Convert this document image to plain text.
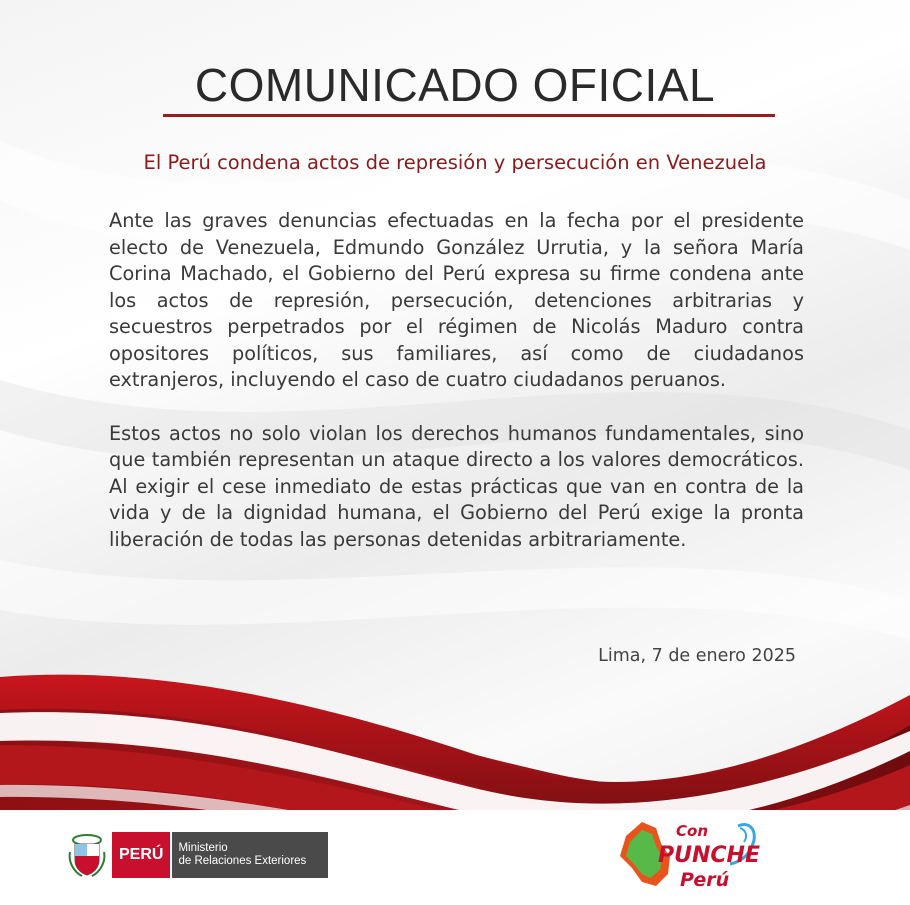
COMUNICADO OFICIAL
El Perú condena actos de represión y persecución en Venezuela

Ante las graves denuncias efectuadas en la fecha por el presidente electo de Venezuela, Edmundo González Urrutia, y la señora María Corina Machado, el Gobierno del Perú expresa su firme condena ante los actos de represión, persecución, detenciones arbitrarias y secuestros perpetrados por el régimen de Nicolás Maduro contra opositores políticos, sus familiares, así como de ciudadanos extranjeros, incluyendo el caso de cuatro ciudadanos peruanos.

Estos actos no solo violan los derechos humanos fundamentales, sino que también representan un ataque directo a los valores democráticos. Al exigir el cese inmediato de estas prácticas que van en contra de la vida y de la dignidad humana, el Gobierno del Perú exige la pronta liberación de todas las personas detenidas arbitrariamente.

Lima, 7 de enero 2025

PERÚ	Ministerio
de Relaciones Exteriores
Con
PUNCHE
Perú
